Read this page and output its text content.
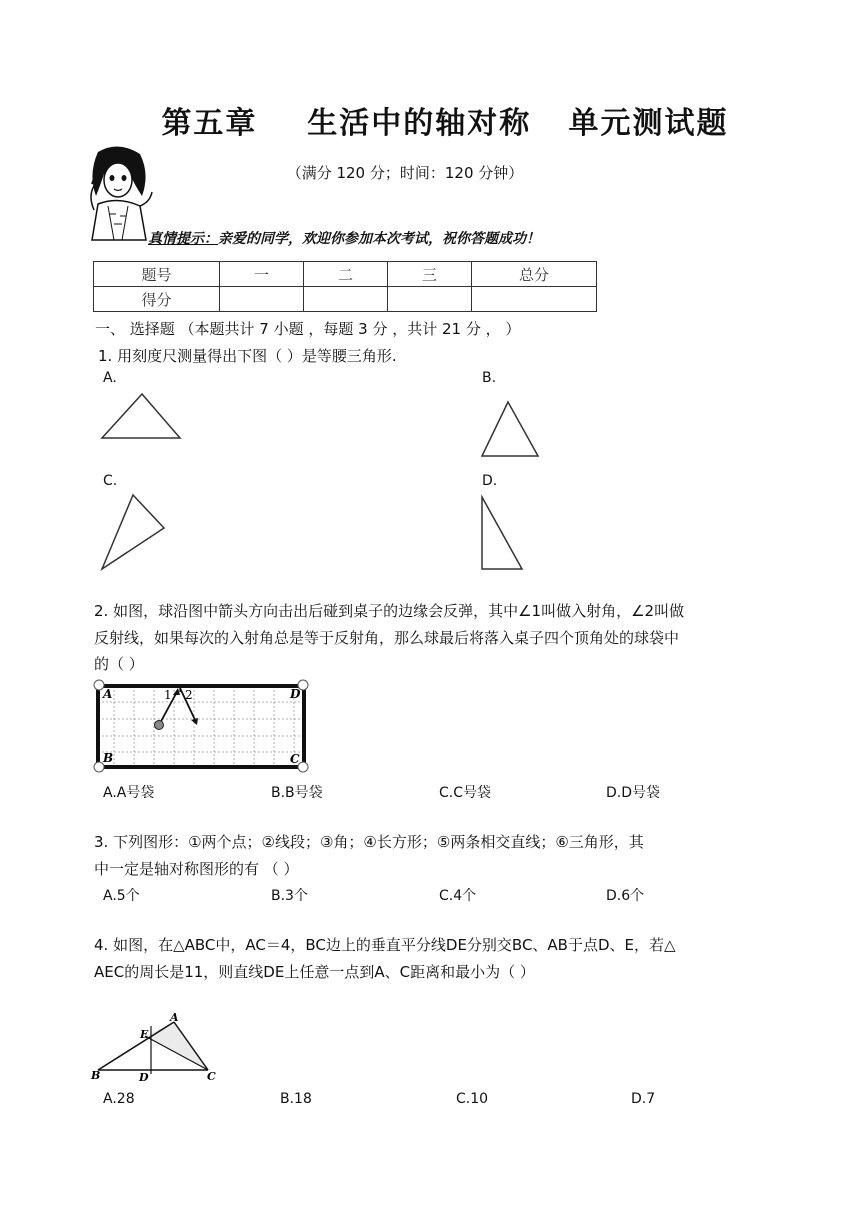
第五章    生活中的轴对称   单元测试题
（满分 120 分；时间：120 分钟）
真情提示：亲爱的同学，欢迎你参加本次考试，祝你答题成功！
题号	一	二	三	总分
得分				
一、 选择题 （本题共计 7 小题 ，每题 3 分 ，共计 21 分 ， ）
1. 用刻度尺测量得出下图（ ）是等腰三角形.
A.	B.
C.	D.
2. 如图，球沿图中箭头方向击出后碰到桌子的边缘会反弹，其中∠1叫做入射角，∠2叫做
反射线，如果每次的入射角总是等于反射角，那么球最后将落入桌子四个顶角处的球袋中
的（ ）
A
B	C
D
1 2
A.A号袋	B.B号袋	C.C号袋	D.D号袋
3. 下列图形：①两个点；②线段；③角；④长方形；⑤两条相交直线；⑥三角形，其
中一定是轴对称图形的有 （ ）
A.5个	B.3个	C.4个	D.6个
4. 如图，在△ABC中，AC＝4，BC边上的垂直平分线DE分别交BC、AB于点D、E，若△
AEC的周长是11，则直线DE上任意一点到A、C距离和最小为（ ）
A
B	C
D
E
A.28	B.18	C.10	D.7
